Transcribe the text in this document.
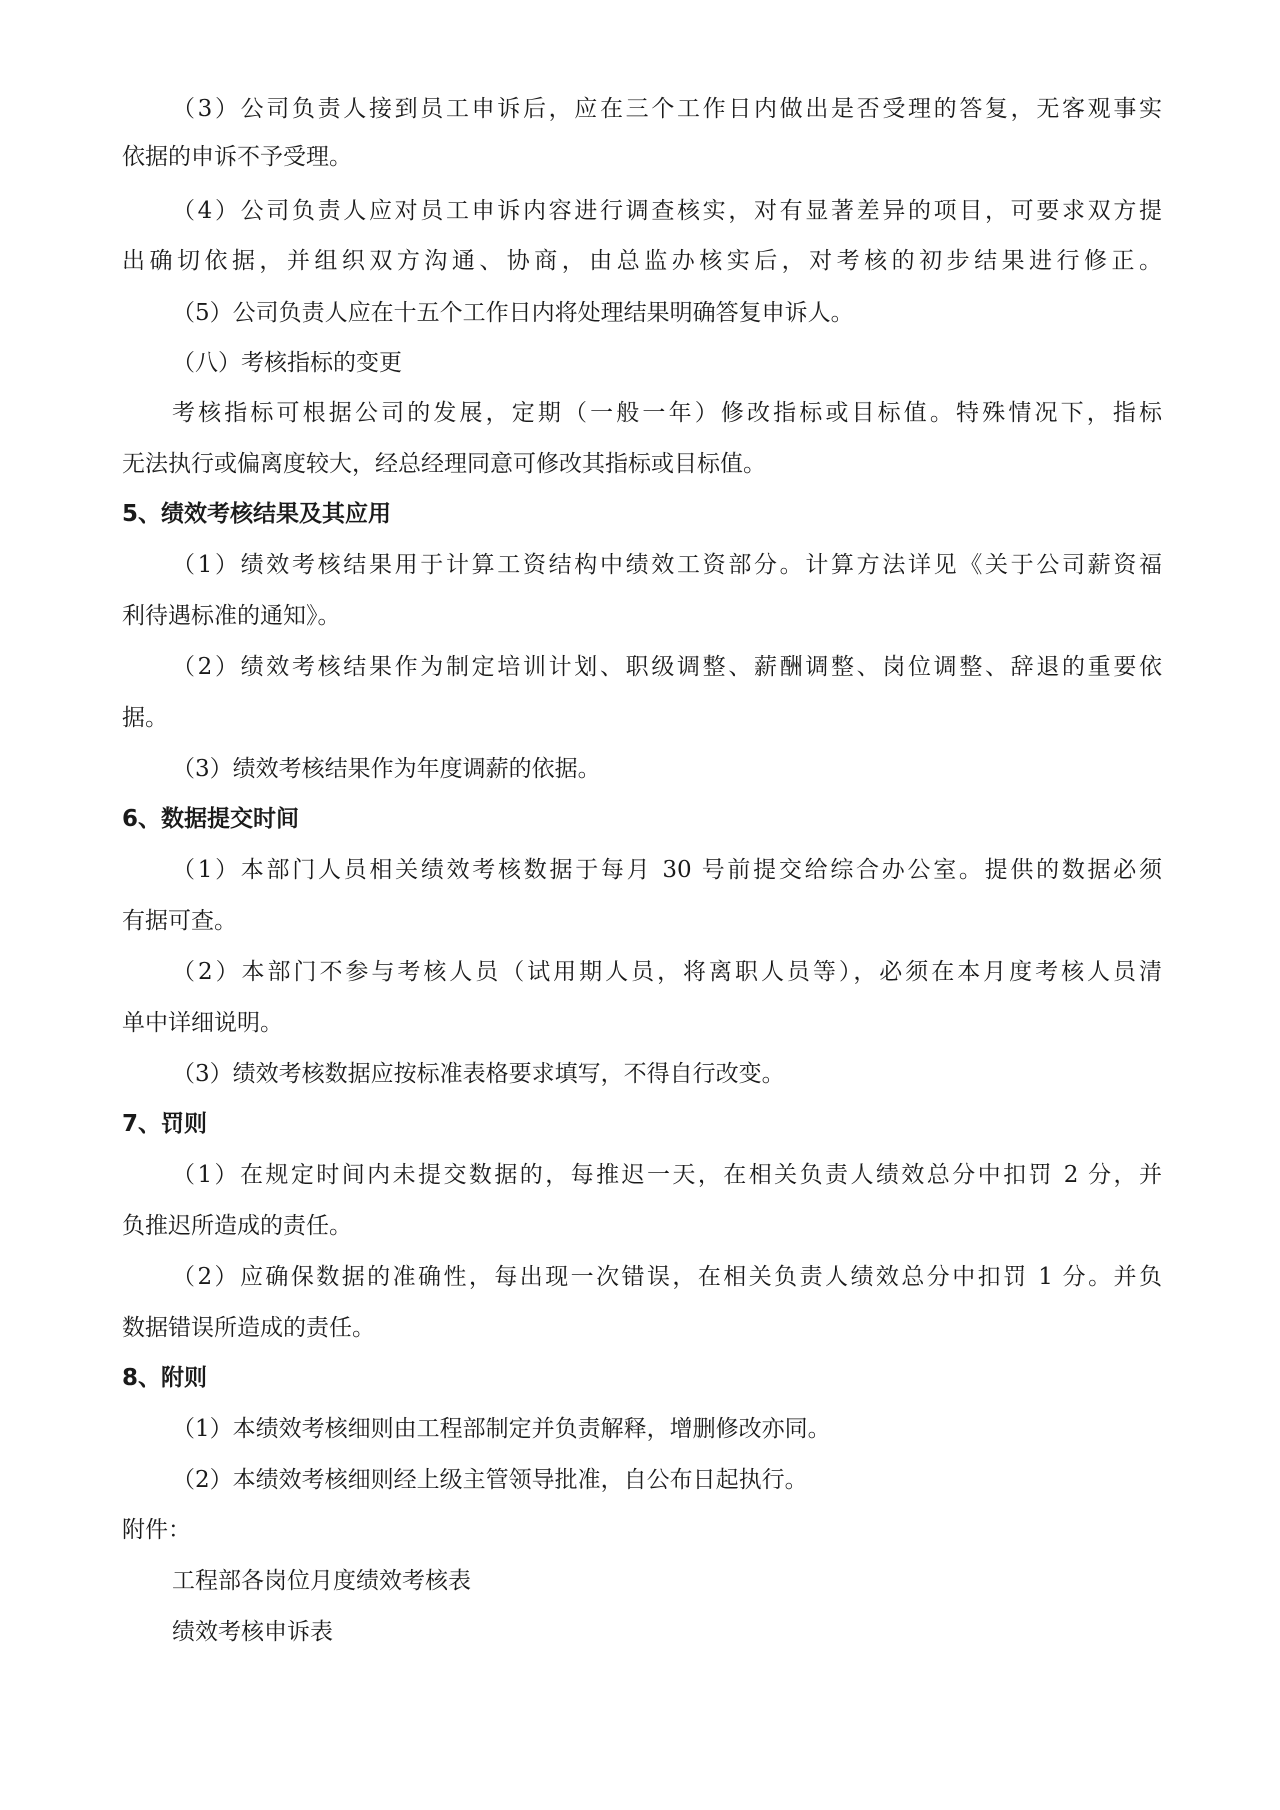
（3）公司负责人接到员工申诉后，应在三个工作日内做出是否受理的答复，无客观事实
依据的申诉不予受理。
（4）公司负责人应对员工申诉内容进行调查核实，对有显著差异的项目，可要求双方提
出确切依据，并组织双方沟通、协商，由总监办核实后，对考核的初步结果进行修正。
（5）公司负责人应在十五个工作日内将处理结果明确答复申诉人。
（八）考核指标的变更
考核指标可根据公司的发展，定期（一般一年）修改指标或目标值。特殊情况下，指标
无法执行或偏离度较大，经总经理同意可修改其指标或目标值。
5、绩效考核结果及其应用
（1）绩效考核结果用于计算工资结构中绩效工资部分。计算方法详见《关于公司薪资福
利待遇标准的通知》。
（2）绩效考核结果作为制定培训计划、职级调整、薪酬调整、岗位调整、辞退的重要依
据。
（3）绩效考核结果作为年度调薪的依据。
6、数据提交时间
（1）本部门人员相关绩效考核数据于每月 30 号前提交给综合办公室。提供的数据必须
有据可查。
（2）本部门不参与考核人员（试用期人员，将离职人员等），必须在本月度考核人员清
单中详细说明。
（3）绩效考核数据应按标准表格要求填写，不得自行改变。
7、罚则
（1）在规定时间内未提交数据的，每推迟一天，在相关负责人绩效总分中扣罚 2 分，并
负推迟所造成的责任。
（2）应确保数据的准确性，每出现一次错误，在相关负责人绩效总分中扣罚 1 分。并负
数据错误所造成的责任。
8、附则
（1）本绩效考核细则由工程部制定并负责解释，增删修改亦同。
（2）本绩效考核细则经上级主管领导批准，自公布日起执行。
附件：
工程部各岗位月度绩效考核表
绩效考核申诉表
